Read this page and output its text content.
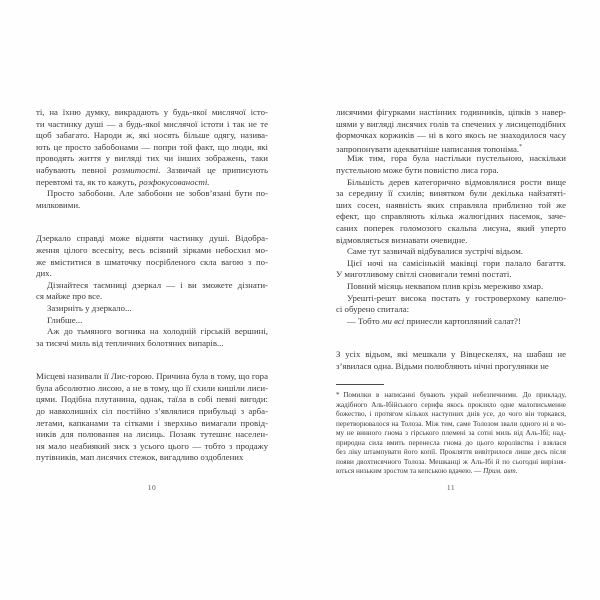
ті, на їхню думку, викрадають у будь-якої мислячої істо-
ти частинку душі — а будь-якої мислячої істоти і так не те
щоб забагато. Народи ж, які носять більше одягу, назива-
ють це просто забобонами — попри той факт, що люди, які
проводять життя у вигляді тих чи інших зображень, таки
набувають певної розмитості. Зазвичай це приписують
перевтомі та, як то кажуть, розфокусованості.
Просто забобони. Але забобони не зобов’язані бути по-
милковими.
Дзеркало справді може відняти частинку душі. Відобра-
ження цілого всесвіту, весь всіяний зірками небосхил мо-
же вміститися в шматочку посрібленого скла вагою з по-
дих.
Дізнайтеся таємниці дзеркал — і ви зможете дізнати-
ся майже про все.
Зазирніть у дзеркало...
Глибше...
Аж до тьмяного вогника на холодній гірській вершині,
за тисячі миль від тепличних болотяних випарів...
Місцеві називали її Лис-горою. Причина була в тому, що гора
була абсолютно лисою, а не в тому, що її схили кишіли лиси-
цями. Подібна плутанина, однак, таїла в собі певні вигоди:
до навколишніх сіл постійно з’являлися прибульці з арба-
летами, капканами та сітками і зверхньо вимагали провід-
ників для полювання на лисиць. Позаяк тутешнє населен-
ня мало неабиякий зиск з усього цього — тобто з продажу
путівників, мап лисячих стежок, вигадливо оздоблених
10
лисячими фігурками настінних годинників, ціпків з навер-
шями у вигляді лисячих голів та спечених у лисицеподібних
формочках коржиків — ні в кого якось не знаходилося часу
запропонувати адекватніше написання топоніма.*
Між тим, гора була настільки пустельною, наскільки
пустельною може бути повністю лиса гора.
Більшість дерев категорично відмовлялися рости вище
за середину її схилів; винятком були декілька найзатяті-
ших сосен, наявність яких справляла приблизно той же
ефект, що справляють кілька жалюгідних пасемок, заче-
саних поперек голомозого скальпа лисуна, який уперто
відмовляється визнавати очевидне.
Саме тут зазвичай відбувалися зустрічі відьом.
Цієї ночі на самісінькій маківці гори палало багаття.
У миготливому світлі сновигали темні постаті.
Повний місяць неквапом плив крізь мереживо хмар.
Урешті-решт висока постать у гостроверхому капелю-
сі обурено спитала:
— Тобто ми всі принесли картопляний салат?!
З усіх відьом, які мешкали у Вівцескелях, на шабаш не
з’явилася одна. Відьми полюбляють нічні прогулянки не
* Помилки в написанні бувають украй небезпечними. До прикладу,
жадібного Аль-Ібійського серифа якось прокляло одне малописьменне
божество, і протягом кількох наступних днів усе, до чого він торкався,
перетворювалося на Толоза. Між тим, саме Толозом звали одного ні в чо-
му не винного гнома з гірського племені за сотні миль від Аль-Ібі; над-
природна сила вмить перенесла гнома до цього королівства і взялася
без ліку штампувати його копії. Прокляття вивітрилося лише десь після
появи двохтисячного Толоза. Мешканці ж Аль-Ібі й по сьогодні вирізня-
ються низьким зростом та кепською вдачею. — Прим. авт.
11
